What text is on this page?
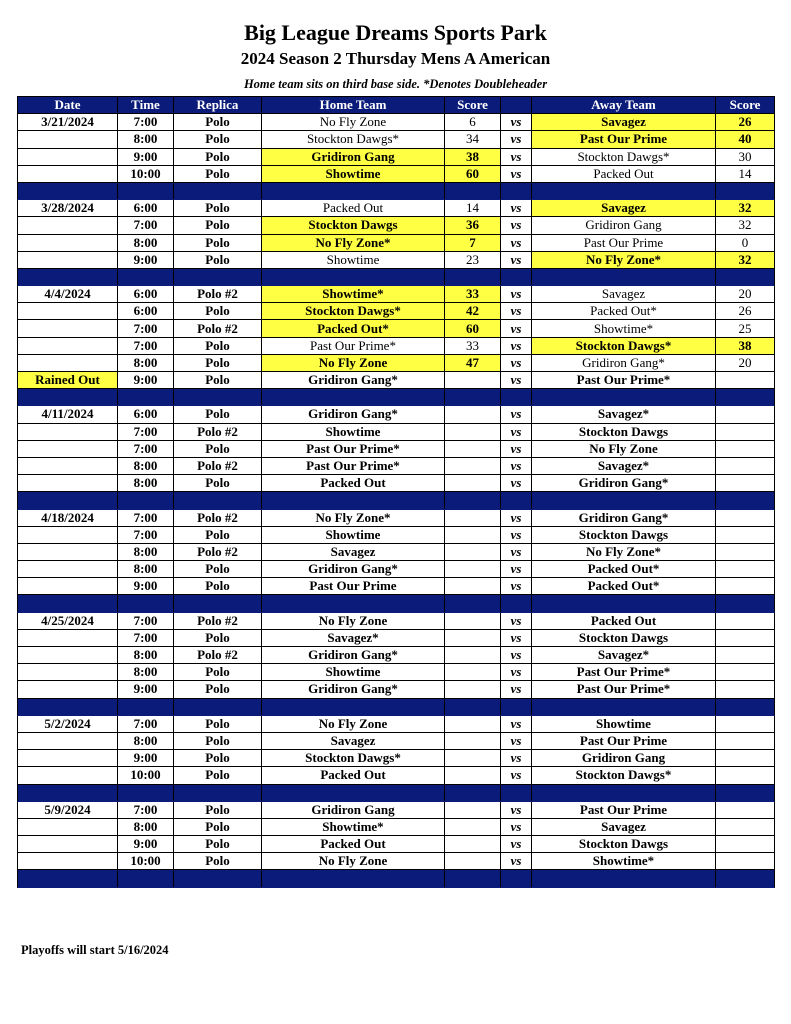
Big League Dreams Sports Park
2024 Season 2 Thursday Mens A American
Home team sits on third base side. *Denotes Doubleheader
Date	Time	Replica	Home Team	Score		Away Team	Score
3/21/2024	7:00	Polo	No Fly Zone	6	vs	Savagez	26
	8:00	Polo	Stockton Dawgs*	34	vs	Past Our Prime	40
	9:00	Polo	Gridiron Gang	38	vs	Stockton Dawgs*	30
	10:00	Polo	Showtime	60	vs	Packed Out	14

3/28/2024	6:00	Polo	Packed Out	14	vs	Savagez	32
	7:00	Polo	Stockton Dawgs	36	vs	Gridiron Gang	32
	8:00	Polo	No Fly Zone*	7	vs	Past Our Prime	0
	9:00	Polo	Showtime	23	vs	No Fly Zone*	32

4/4/2024	6:00	Polo #2	Showtime*	33	vs	Savagez	20
	6:00	Polo	Stockton Dawgs*	42	vs	Packed Out*	26
	7:00	Polo #2	Packed Out*	60	vs	Showtime*	25
	7:00	Polo	Past Our Prime*	33	vs	Stockton Dawgs*	38
	8:00	Polo	No Fly Zone	47	vs	Gridiron Gang*	20
Rained Out	9:00	Polo	Gridiron Gang*		vs	Past Our Prime*	

4/11/2024	6:00	Polo	Gridiron Gang*		vs	Savagez*	
	7:00	Polo #2	Showtime		vs	Stockton Dawgs	
	7:00	Polo	Past Our Prime*		vs	No Fly Zone	
	8:00	Polo #2	Past Our Prime*		vs	Savagez*	
	8:00	Polo	Packed Out		vs	Gridiron Gang*	

4/18/2024	7:00	Polo #2	No Fly Zone*		vs	Gridiron Gang*	
	7:00	Polo	Showtime		vs	Stockton Dawgs	
	8:00	Polo #2	Savagez		vs	No Fly Zone*	
	8:00	Polo	Gridiron Gang*		vs	Packed Out*	
	9:00	Polo	Past Our Prime		vs	Packed Out*	

4/25/2024	7:00	Polo #2	No Fly Zone		vs	Packed Out	
	7:00	Polo	Savagez*		vs	Stockton Dawgs	
	8:00	Polo #2	Gridiron Gang*		vs	Savagez*	
	8:00	Polo	Showtime		vs	Past Our Prime*	
	9:00	Polo	Gridiron Gang*		vs	Past Our Prime*	

5/2/2024	7:00	Polo	No Fly Zone		vs	Showtime	
	8:00	Polo	Savagez		vs	Past Our Prime	
	9:00	Polo	Stockton Dawgs*		vs	Gridiron Gang	
	10:00	Polo	Packed Out		vs	Stockton Dawgs*	

5/9/2024	7:00	Polo	Gridiron Gang		vs	Past Our Prime	
	8:00	Polo	Showtime*		vs	Savagez	
	9:00	Polo	Packed Out		vs	Stockton Dawgs	
	10:00	Polo	No Fly Zone		vs	Showtime*	

Playoffs will start 5/16/2024
